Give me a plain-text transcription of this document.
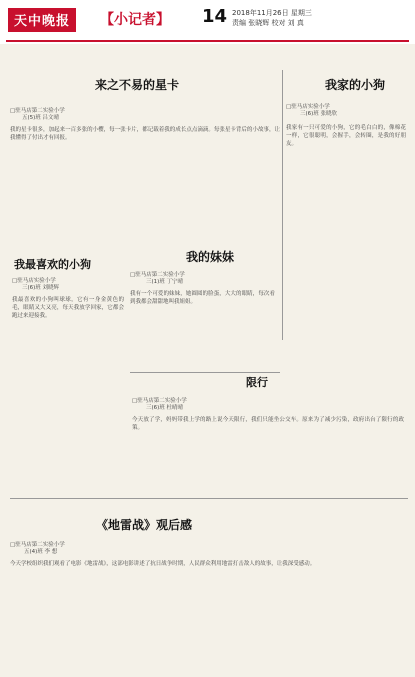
天中晚报	【小记者】 14 2018年11月26日 星期三
责编 张晓辉 校对 刘 真
来之不易的星卡
□驻马店第二实验小学
五(5)班 吕文晴
我的星卡很多，加起来一百多张的小樱，每一张卡片，都记载着我的成长点点滴滴。每张星卡背后的小故事，让我懂得了付出才有回报。
我家的小狗
□驻马店实验小学
三(6)班 张晓欣
我家有一只可爱的小狗，它的毛白白的，像棉花一样，它很聪明，会握手，会转圈，是我的好朋友。
我最喜欢的小狗
□驻马店实验小学
三(6)班 刘晓辉
我最喜欢的小狗叫球球，它有一身金黄色的毛，眼睛又大又亮，每天我放学回家，它都会跑过来迎接我。
我的妹妹
□驻马店第二实验小学
三(1)班 丁宁晴
我有一个可爱的妹妹，她圆圆的脸蛋，大大的眼睛，每次看到我都会甜甜地叫我姐姐。
限行
□驻马店第二实验小学
三(6)班 杜晴晴
今天放了学，妈妈带我上学的路上说今天限行，我们只能坐公交车。原来为了减少污染，政府出台了限行的政策。
《地雷战》观后感
□驻马店第二实验小学
五(4)班 李 想
今天学校组织我们观看了电影《地雷战》，这部电影讲述了抗日战争时期，人民群众利用地雷打击敌人的故事，让我深受感动。
